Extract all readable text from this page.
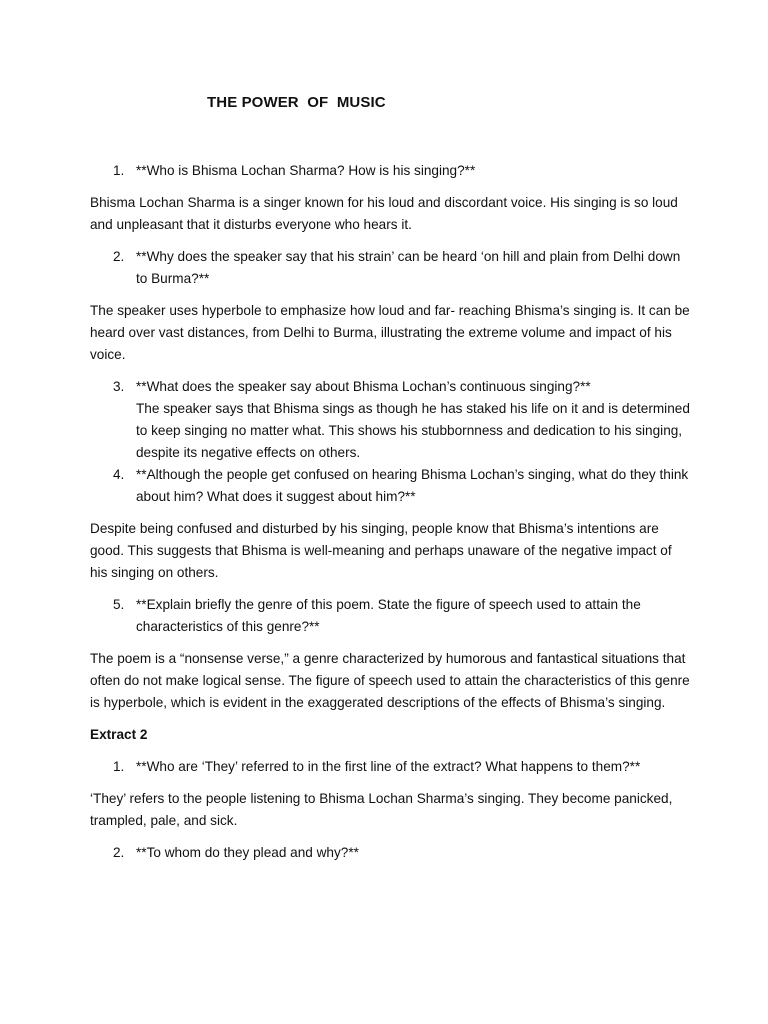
THE POWER  OF  MUSIC
1. **Who is Bhisma Lochan Sharma? How is his singing?**

Bhisma Lochan Sharma is a singer known for his loud and discordant voice. His singing is so loud and unpleasant that it disturbs everyone who hears it.

2. **Why does the speaker say that his strain’ can be heard ‘on hill and plain from Delhi down to Burma?**

The speaker uses hyperbole to emphasize how loud and far- reaching Bhisma’s singing is. It can be heard over vast distances, from Delhi to Burma, illustrating the extreme volume and impact of his voice.

3. **What does the speaker say about Bhisma Lochan’s continuous singing?**
The speaker says that Bhisma sings as though he has staked his life on it and is determined to keep singing no matter what. This shows his stubbornness and dedication to his singing, despite its negative effects on others.
4. **Although the people get confused on hearing Bhisma Lochan’s singing, what do they think about him? What does it suggest about him?**

Despite being confused and disturbed by his singing, people know that Bhisma’s intentions are good. This suggests that Bhisma is well-meaning and perhaps unaware of the negative impact of his singing on others.

5. **Explain briefly the genre of this poem. State the figure of speech used to attain the characteristics of this genre?**

The poem is a “nonsense verse,” a genre characterized by humorous and fantastical situations that often do not make logical sense. The figure of speech used to attain the characteristics of this genre is hyperbole, which is evident in the exaggerated descriptions of the effects of Bhisma’s singing.

Extract 2

1. **Who are ‘They’ referred to in the first line of the extract? What happens to them?**

‘They’ refers to the people listening to Bhisma Lochan Sharma’s singing. They become panicked, trampled, pale, and sick.

2. **To whom do they plead and why?**
